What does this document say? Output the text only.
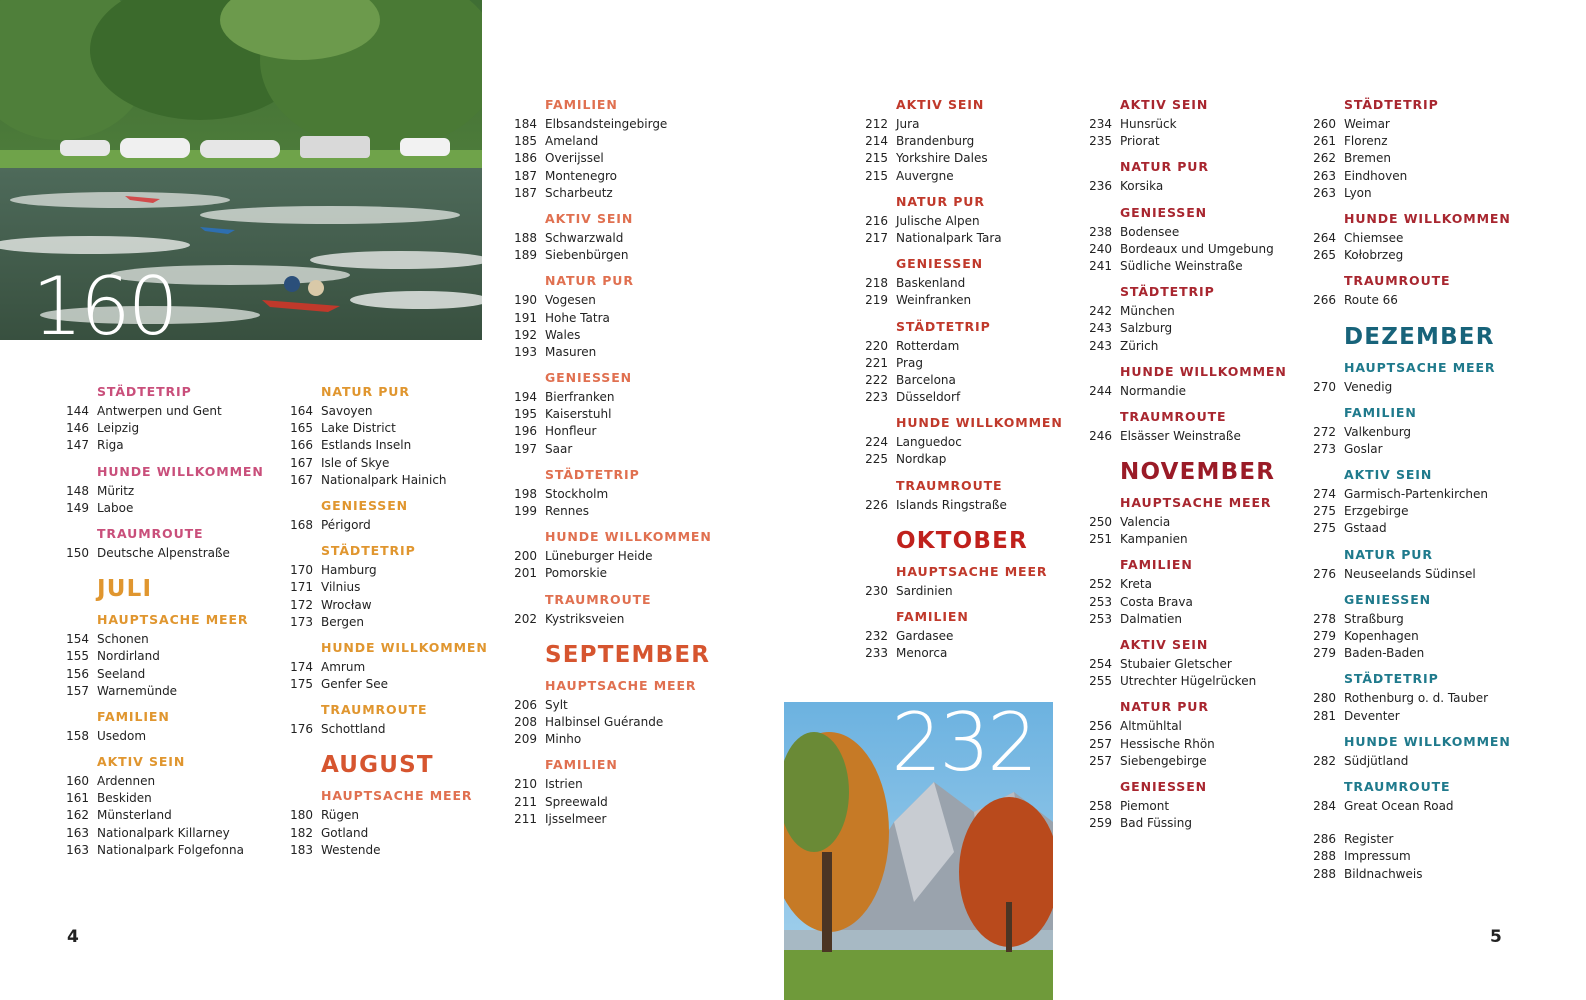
160
232
STÄDTETRIP
144 Antwerpen und Gent
146 Leipzig
147 Riga
HUNDE WILLKOMMEN
148 Müritz
149 Laboe
TRAUMROUTE
150 Deutsche Alpenstraße
JULI
HAUPTSACHE MEER
154 Schonen
155 Nordirland
156 Seeland
157 Warnemünde
FAMILIEN
158 Usedom
AKTIV SEIN
160 Ardennen
161 Beskiden
162 Münsterland
163 Nationalpark Killarney
163 Nationalpark Folgefonna
NATUR PUR
164 Savoyen
165 Lake District
166 Estlands Inseln
167 Isle of Skye
167 Nationalpark Hainich
GENIESSEN
168 Périgord
STÄDTETRIP
170 Hamburg
171 Vilnius
172 Wrocław
173 Bergen
HUNDE WILLKOMMEN
174 Amrum
175 Genfer See
TRAUMROUTE
176 Schottland
AUGUST
HAUPTSACHE MEER
180 Rügen
182 Gotland
183 Westende
FAMILIEN
184 Elbsandsteingebirge
185 Ameland
186 Overijssel
187 Montenegro
187 Scharbeutz
AKTIV SEIN
188 Schwarzwald
189 Siebenbürgen
NATUR PUR
190 Vogesen
191 Hohe Tatra
192 Wales
193 Masuren
GENIESSEN
194 Bierfranken
195 Kaiserstuhl
196 Honfleur
197 Saar
STÄDTETRIP
198 Stockholm
199 Rennes
HUNDE WILLKOMMEN
200 Lüneburger Heide
201 Pomorskie
TRAUMROUTE
202 Kystriksveien
SEPTEMBER
HAUPTSACHE MEER
206 Sylt
208 Halbinsel Guérande
209 Minho
FAMILIEN
210 Istrien
211 Spreewald
211 Ijsselmeer
AKTIV SEIN
212 Jura
214 Brandenburg
215 Yorkshire Dales
215 Auvergne
NATUR PUR
216 Julische Alpen
217 Nationalpark Tara
GENIESSEN
218 Baskenland
219 Weinfranken
STÄDTETRIP
220 Rotterdam
221 Prag
222 Barcelona
223 Düsseldorf
HUNDE WILLKOMMEN
224 Languedoc
225 Nordkap
TRAUMROUTE
226 Islands Ringstraße
OKTOBER
HAUPTSACHE MEER
230 Sardinien
FAMILIEN
232 Gardasee
233 Menorca
AKTIV SEIN
234 Hunsrück
235 Priorat
NATUR PUR
236 Korsika
GENIESSEN
238 Bodensee
240 Bordeaux und Umgebung
241 Südliche Weinstraße
STÄDTETRIP
242 München
243 Salzburg
243 Zürich
HUNDE WILLKOMMEN
244 Normandie
TRAUMROUTE
246 Elsässer Weinstraße
NOVEMBER
HAUPTSACHE MEER
250 Valencia
251 Kampanien
FAMILIEN
252 Kreta
253 Costa Brava
253 Dalmatien
AKTIV SEIN
254 Stubaier Gletscher
255 Utrechter Hügelrücken
NATUR PUR
256 Altmühltal
257 Hessische Rhön
257 Siebengebirge
GENIESSEN
258 Piemont
259 Bad Füssing
STÄDTETRIP
260 Weimar
261 Florenz
262 Bremen
263 Eindhoven
263 Lyon
HUNDE WILLKOMMEN
264 Chiemsee
265 Kołobrzeg
TRAUMROUTE
266 Route 66
DEZEMBER
HAUPTSACHE MEER
270 Venedig
FAMILIEN
272 Valkenburg
273 Goslar
AKTIV SEIN
274 Garmisch-Partenkirchen
275 Erzgebirge
275 Gstaad
NATUR PUR
276 Neuseelands Südinsel
GENIESSEN
278 Straßburg
279 Kopenhagen
279 Baden-Baden
STÄDTETRIP
280 Rothenburg o. d. Tauber
281 Deventer
HUNDE WILLKOMMEN
282 Südjütland
TRAUMROUTE
284 Great Ocean Road
286 Register
288 Impressum
288 Bildnachweis
4	5
